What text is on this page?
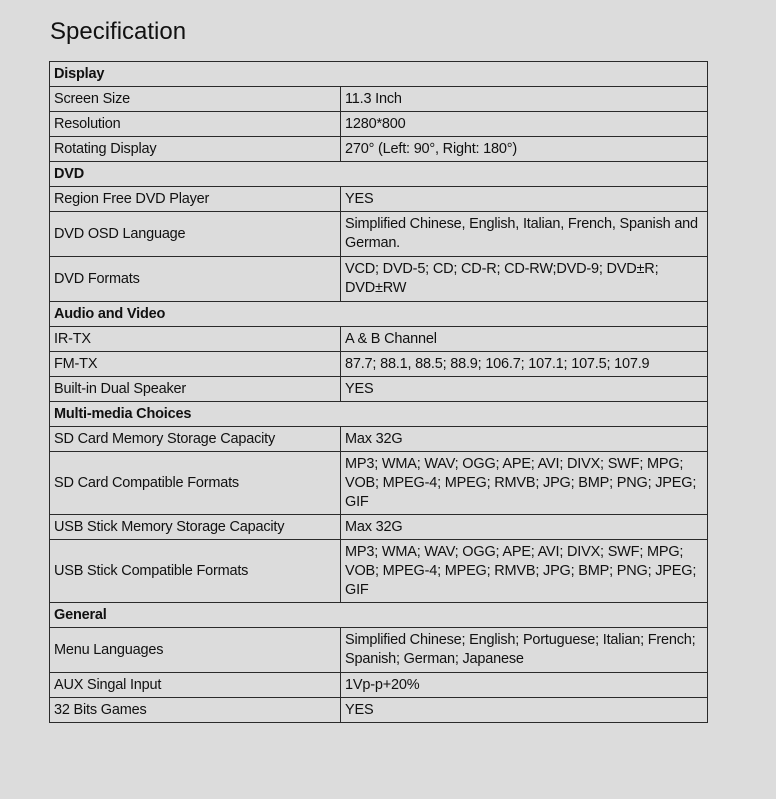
Specification
Display	
Screen Size	11.3 Inch
Resolution	1280*800
Rotating Display	270° (Left: 90°, Right: 180°)
DVD	
Region Free DVD Player	YES
DVD OSD Language	Simplified Chinese, English, Italian, French, Spanish and German.
DVD Formats	VCD; DVD-5; CD; CD-R; CD-RW;DVD-9; DVD±R; DVD±RW
Audio and Video	
IR-TX	A & B Channel
FM-TX	87.7; 88.1, 88.5; 88.9; 106.7; 107.1; 107.5; 107.9
Built-in Dual Speaker	YES
Multi-media Choices	
SD Card Memory Storage Capacity	Max 32G
SD Card Compatible Formats	MP3; WMA; WAV; OGG; APE; AVI; DIVX; SWF; MPG; VOB; MPEG-4; MPEG; RMVB; JPG; BMP; PNG; JPEG; GIF
USB Stick Memory Storage Capacity	Max 32G
USB Stick Compatible Formats	MP3; WMA; WAV; OGG; APE; AVI; DIVX; SWF; MPG; VOB; MPEG-4; MPEG; RMVB; JPG; BMP; PNG; JPEG; GIF
General	
Menu Languages	Simplified Chinese; English; Portuguese; Italian; French; Spanish; German; Japanese
AUX Singal Input	1Vp-p+20%
32 Bits Games	YES
